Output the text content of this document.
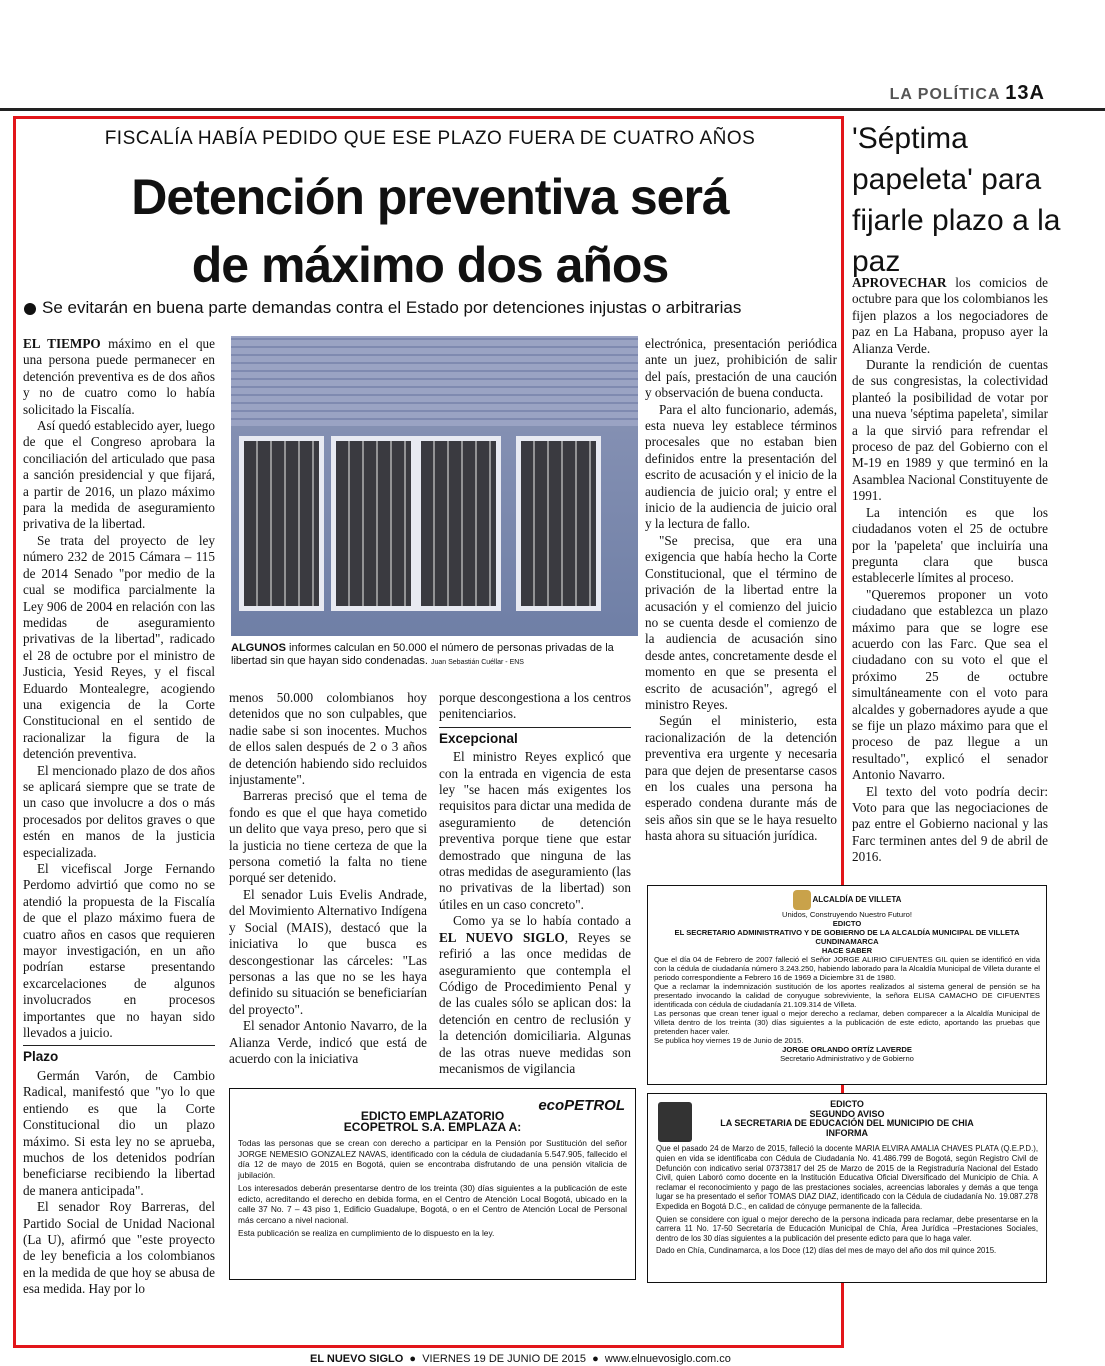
LA POLÍTICA 13A
FISCALÍA HABÍA PEDIDO QUE ESE PLAZO FUERA DE CUATRO AÑOS
Detención preventiva será
de máximo dos años
Se evitarán en buena parte demandas contra el Estado por detenciones injustas o arbitrarias

EL TIEMPO máximo en el que una persona puede permanecer en detención preventiva es de dos años y no de cuatro como lo había solicitado la Fiscalía.

Así quedó establecido ayer, luego de que el Congreso aprobara la conciliación del articulado que pasa a sanción presidencial y que fijará, a partir de 2016, un plazo máximo para la medida de aseguramiento privativa de la libertad.

Se trata del proyecto de ley número 232 de 2015 Cámara – 115 de 2014 Senado "por medio de la cual se modifica parcialmente la Ley 906 de 2004 en relación con las medidas de aseguramiento privativas de la libertad", radicado el 28 de octubre por el ministro de Justicia, Yesid Reyes, y el fiscal Eduardo Montealegre, acogiendo una exigencia de la Corte Constitucional en el sentido de racionalizar la figura de la detención preventiva.

El mencionado plazo de dos años se aplicará siempre que se trate de un caso que involucre a dos o más procesados por delitos graves o que estén en manos de la justicia especializada.

El vicefiscal Jorge Fernando Perdomo advirtió que como no se atendió la propuesta de la Fiscalía de que el plazo máximo fuera de cuatro años en casos que requieren mayor investigación, en un año podrían estarse presentando excarcelaciones de algunos involucrados en procesos importantes que no hayan sido llevados a juicio.

Plazo

Germán Varón, de Cambio Radical, manifestó que "yo lo que entiendo es que la Corte Constitucional dio un plazo máximo. Si esta ley no se aprueba, muchos de los detenidos podrían beneficiarse recibiendo la libertad de manera anticipada".

El senador Roy Barreras, del Partido Social de Unidad Nacional (La U), afirmó que "este proyecto de ley beneficia a los colombianos en la medida de que hoy se abusa de esa medida. Hay por lo

ALGUNOS informes calculan en 50.000 el número de personas privadas de la libertad sin que hayan sido condenadas. Juan Sebastián Cuéllar - ENS

menos 50.000 colombianos hoy detenidos que no son culpables, que nadie sabe si son inocentes. Muchos de ellos salen después de 2 o 3 años de detención habiendo sido recluidos injustamente".

Barreras precisó que el tema de fondo es que el que haya cometido un delito que vaya preso, pero que si la justicia no tiene certeza de que la persona cometió la falta no tiene porqué ser detenido.

El senador Luis Evelis Andrade, del Movimiento Alternativo Indígena y Social (MAIS), destacó que la iniciativa lo que busca es descongestionar las cárceles: "Las personas a las que no se les haya definido su situación se beneficiarían del proyecto".

El senador Antonio Navarro, de la Alianza Verde, indicó que está de acuerdo con la iniciativa

porque descongestiona a los centros penitenciarios.

Excepcional

El ministro Reyes explicó que con la entrada en vigencia de esta ley "se hacen más exigentes los requisitos para dictar una medida de aseguramiento de detención preventiva porque tiene que estar demostrado que ninguna de las otras medidas de aseguramiento (las no privativas de la libertad) son útiles en un caso concreto".

Como ya se lo había contado a EL NUEVO SIGLO, Reyes se refirió a las once medidas de aseguramiento que contempla el Código de Procedimiento Penal y de las cuales sólo se aplican dos: la detención en centro de reclusión y la detención domiciliaria. Algunas de las otras nueve medidas son mecanismos de vigilancia

electrónica, presentación periódica ante un juez, prohibición de salir del país, prestación de una caución y observación de buena conducta.

Para el alto funcionario, además, esta nueva ley establece términos procesales que no estaban bien definidos entre la presentación del escrito de acusación y el inicio de la audiencia de juicio oral; y entre el inicio de la audiencia de juicio oral y la lectura de fallo.

"Se precisa, que era una exigencia que había hecho la Corte Constitucional, que el término de privación de la libertad entre la acusación y el comienzo del juicio no se cuenta desde el comienzo de la audiencia de acusación sino desde antes, concretamente desde el momento en que se presenta el escrito de acusación", agregó el ministro Reyes.

Según el ministerio, esta racionalización de la detención preventiva era urgente y necesaria para que dejen de presentarse casos en los cuales una persona ha esperado condena durante más de seis años sin que se le haya resuelto hasta ahora su situación jurídica.

'Séptima papeleta' para fijarle plazo a la paz

APROVECHAR los comicios de octubre para que los colombianos les fijen plazos a los negociadores de paz en La Habana, propuso ayer la Alianza Verde.

Durante la rendición de cuentas de sus congresistas, la colectividad planteó la posibilidad de votar por una nueva 'séptima papeleta', similar a la que sirvió para refrendar el proceso de paz del Gobierno con el M-19 en 1989 y que terminó en la Asamblea Nacional Constituyente de 1991.

La intención es que los ciudadanos voten el 25 de octubre por la 'papeleta' que incluiría una pregunta clara que busca establecerle límites al proceso.

"Queremos proponer un voto ciudadano que establezca un plazo máximo para que se logre ese acuerdo con las Farc. Que sea el ciudadano con su voto el que el próximo 25 de octubre simultáneamente con el voto para alcaldes y gobernadores ayude a que se fije un plazo máximo para que el proceso de paz llegue a un resultado", explicó el senador Antonio Navarro.

El texto del voto podría decir: Voto para que las negociaciones de paz entre el Gobierno nacional y las Farc terminen antes del 9 de abril de 2016.

ALCALDÍA DE VILLETA
Unidos, Construyendo Nuestro Futuro!
EDICTO
EL SECRETARIO ADMINISTRATIVO Y DE GOBIERNO DE LA ALCALDÍA MUNICIPAL DE VILLETA CUNDINAMARCA
HACE SABER
Que el día 04 de Febrero de 2007 falleció el Señor JORGE ALIRIO CIFUENTES GIL quien se identificó en vida con la cédula de ciudadanía número 3.243.250, habiendo laborado para la Alcaldía Municipal de Villeta durante el periodo correspondiente a Febrero 16 de 1969 a Diciembre 31 de 1980.
Que a reclamar la indemnización sustitución de los aportes realizados al sistema general de pensión se ha presentado invocando la calidad de conyugue sobreviviente, la señora ELISA CAMACHO DE CIFUENTES identificada con cédula de ciudadanía 21.109.314 de Villeta.
Las personas que crean tener igual o mejor derecho a reclamar, deben comparecer a la Alcaldía Municipal de Villeta dentro de los treinta (30) días siguientes a la publicación de este edicto, aportando las pruebas que pretenden hacer valer.
Se publica hoy viernes 19 de Junio de 2015.
JORGE ORLANDO ORTÍZ LAVERDE
Secretario Administrativo y de Gobierno
ecoPETROL
EDICTO EMPLAZATORIO
ECOPETROL S.A. EMPLAZA A:
Todas las personas que se crean con derecho a participar en la Pensión por Sustitución del señor JORGE NEMESIO GONZALEZ NAVAS, identificado con la cédula de ciudadanía 5.547.905, fallecido el día 12 de mayo de 2015 en Bogotá, quien se encontraba disfrutando de una pensión vitalicia de jubilación.
Los interesados deberán presentarse dentro de los treinta (30) días siguientes a la publicación de este edicto, acreditando el derecho en debida forma, en el Centro de Atención Local Bogotá, ubicado en la calle 37 No. 7 – 43 piso 1, Edificio Guadalupe, Bogotá, o en el Centro de Atención Local de Personal más cercano a nivel nacional.
Esta publicación se realiza en cumplimiento de lo dispuesto en la ley.
EDICTO
SEGUNDO AVISO
LA SECRETARIA DE EDUCACIÓN DEL MUNICIPIO DE CHIA
INFORMA
Que el pasado 24 de Marzo de 2015, falleció la docente MARIA ELVIRA AMALIA CHAVES PLATA (Q.E.P.D.), quien en vida se identificaba con Cédula de Ciudadanía No. 41.486.799 de Bogotá, según Registro Civil de Defunción con indicativo serial 07373817 del 25 de Marzo de 2015 de la Registraduría Nacional del Estado Civil, quien Laboró como docente en la Institución Educativa Oficial Diversificado del Municipio de Chía. A reclamar el reconocimiento y pago de las prestaciones sociales, acreencias laborales y demás a que tenga lugar se ha presentado el señor TOMAS DIAZ DIAZ, identificado con la Cédula de ciudadanía No. 19.087.278 Expedida en Bogotá D.C., en calidad de cónyuge permanente de la fallecida.
Quien se considere con igual o mejor derecho de la persona indicada para reclamar, debe presentarse en la carrera 11 No. 17-50 Secretaría de Educación Municipal de Chía, Área Jurídica –Prestaciones Sociales, dentro de los 30 días siguientes a la publicación del presente edicto para que lo haga valer.
Dado en Chía, Cundinamarca, a los Doce (12) días del mes de mayo del año dos mil quince 2015.
EL NUEVO SIGLO  ●  VIERNES 19 DE JUNIO DE 2015  ●  www.elnuevosiglo.com.co
